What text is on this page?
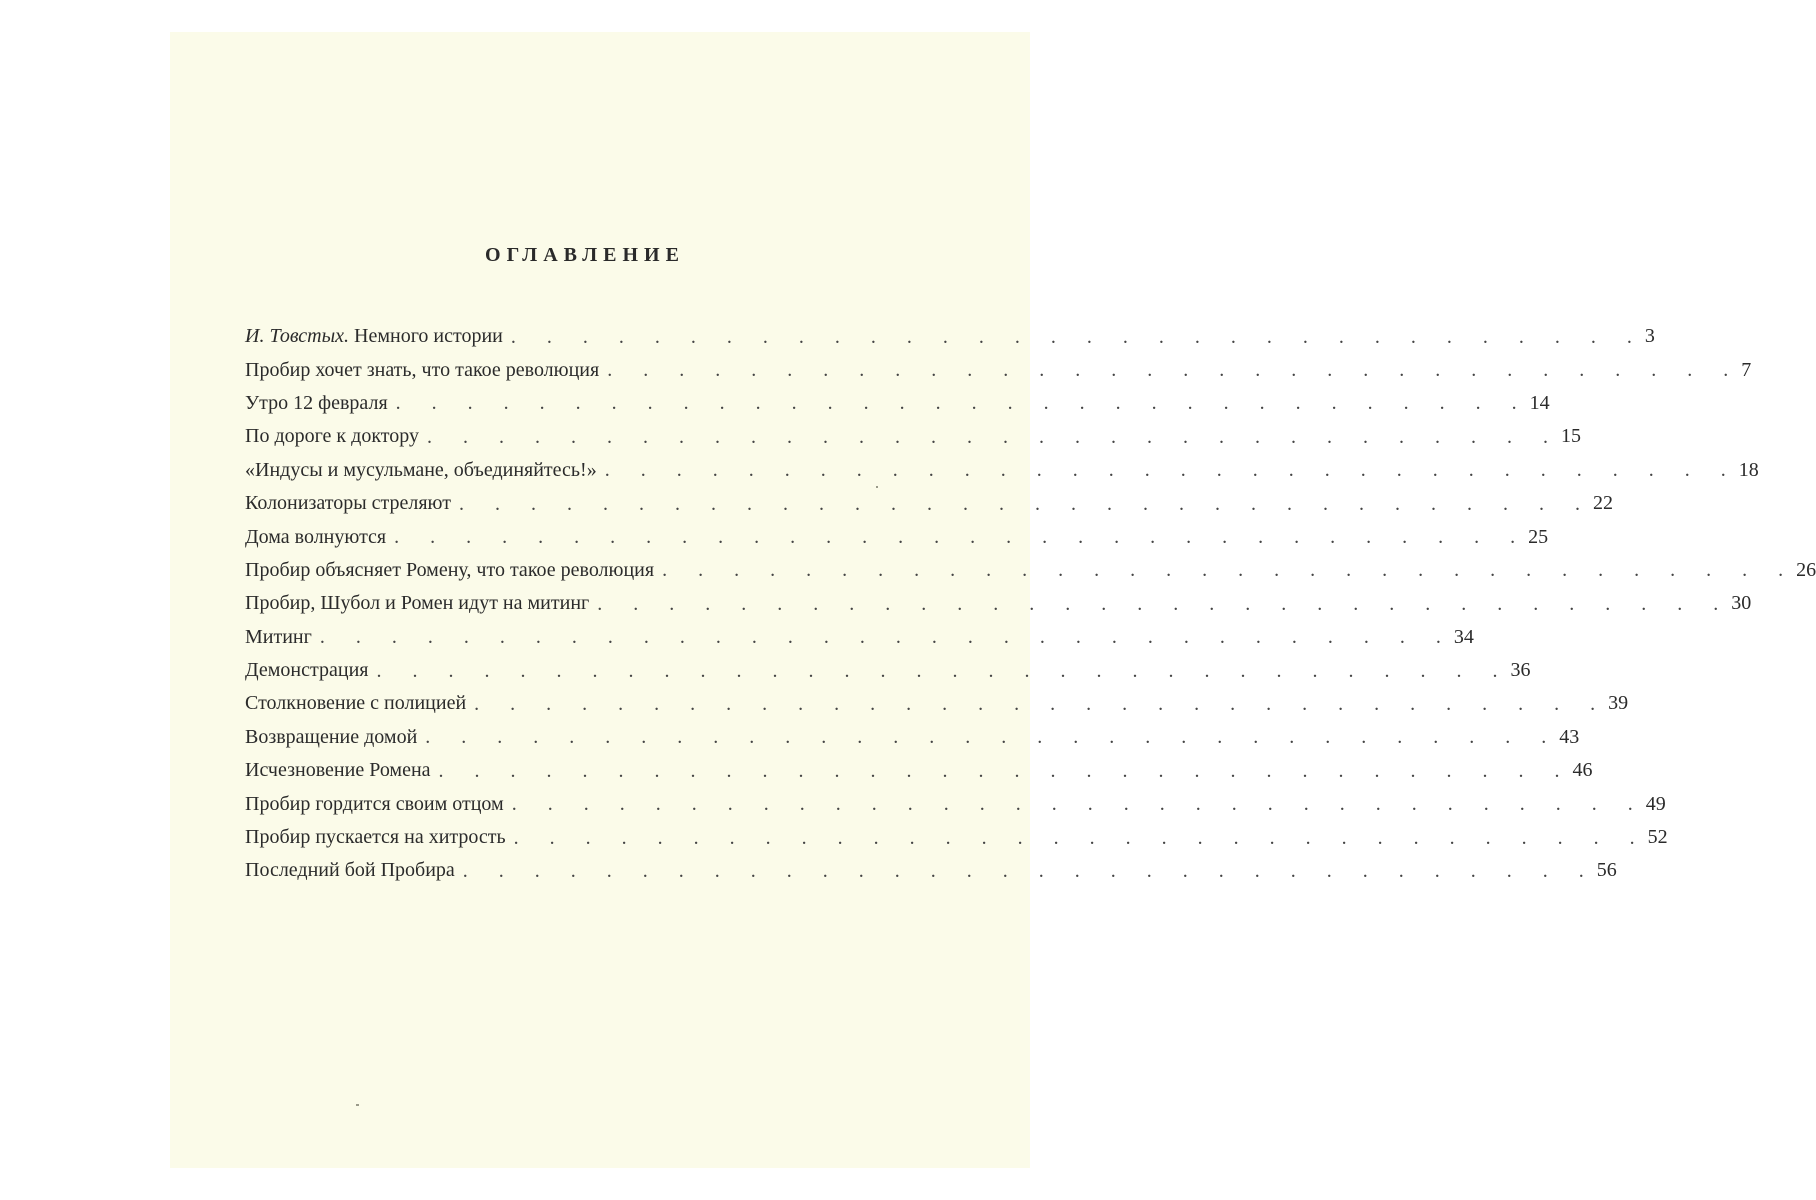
ОГЛАВЛЕНИЕ
И. Товстых. Немного истории . . . . . . . . . . . . . . . . . . . . . . . . . . . . . . . . 3
Пробир хочет знать, что такое революция . . . . . . . . . . . . . . . . . . . . . . . . . . . . . . . . 7
Утро 12 февраля . . . . . . . . . . . . . . . . . . . . . . . . . . . . . . . . 14
По дороге к доктору . . . . . . . . . . . . . . . . . . . . . . . . . . . . . . . . 15
«Индусы и мусульмане, объединяйтесь!» . . . . . . . . . . . . . . . . . . . . . . . . . . . . . . . . 18
Колонизаторы стреляют . . . . . . . . . . . . . . . . . . . . . . . . . . . . . . . . 22
Дома волнуются . . . . . . . . . . . . . . . . . . . . . . . . . . . . . . . . 25
Пробир объясняет Ромену, что такое революция . . . . . . . . . . . . . . . . . . . . . . . . . . . . . . . . 26
Пробир, Шубол и Ромен идут на митинг . . . . . . . . . . . . . . . . . . . . . . . . . . . . . . . . 30
Митинг . . . . . . . . . . . . . . . . . . . . . . . . . . . . . . . . 34
Демонстрация . . . . . . . . . . . . . . . . . . . . . . . . . . . . . . . . 36
Столкновение с полицией . . . . . . . . . . . . . . . . . . . . . . . . . . . . . . . . 39
Возвращение домой . . . . . . . . . . . . . . . . . . . . . . . . . . . . . . . . 43
Исчезновение Ромена . . . . . . . . . . . . . . . . . . . . . . . . . . . . . . . . 46
Пробир гордится своим отцом . . . . . . . . . . . . . . . . . . . . . . . . . . . . . . . . 49
Пробир пускается на хитрость . . . . . . . . . . . . . . . . . . . . . . . . . . . . . . . . 52
Последний бой Пробира . . . . . . . . . . . . . . . . . . . . . . . . . . . . . . . . 56
